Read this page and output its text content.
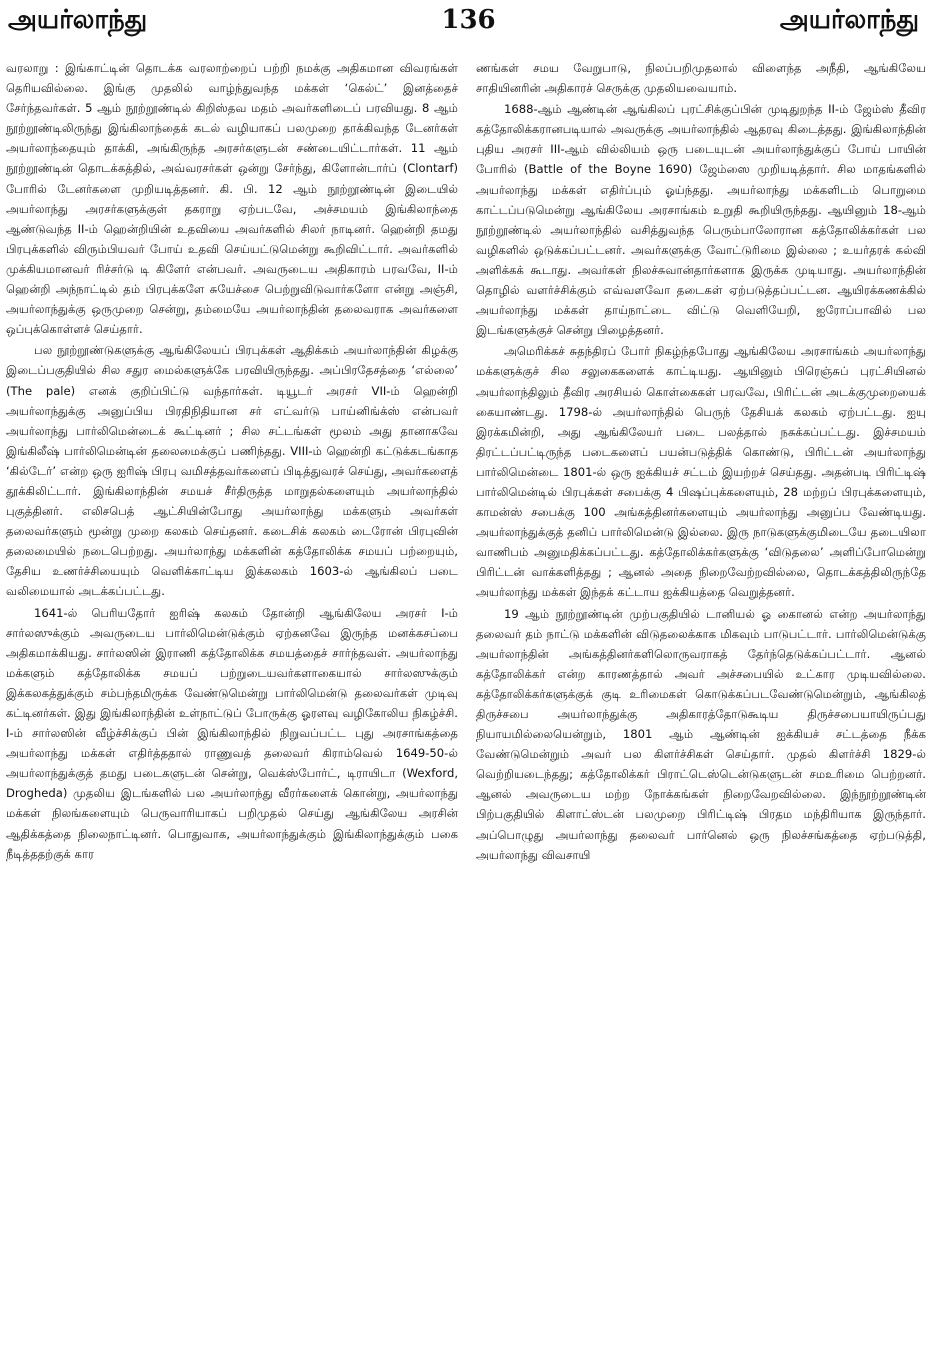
அயர்லாந்து	136	அயர்லாந்து

வரலாறு : இங்காட்டின் தொடக்க வரலாற்றைப் பற்றி நமக்கு அதிகமான விவரங்கள் தெரியவில்லை. இங்கு முதலில் வாழ்ந்துவந்த மக்கள் ‘கெல்ட்’ இனத்தைச் சேர்ந்தவர்கள். 5 ஆம் நூற்றூண்டில் கிறிஸ்தவ மதம் அவர்களிடைப் பரவியது. 8 ஆம் நூற்றூண்டிலிருந்து இங்கிலாந்தைக் கடல் வழியாகப் பலமுறை தாக்கிவந்த டேனர்கள் அயர்லாந்தையும் தாக்கி, அங்கிருந்த அரசர்களுடன் சண்டையிட்டார்கள். 11 ஆம் நூற்றூண்டின் தொடக்கத்தில், அவ்வரசர்கள் ஒன்று சேர்ந்து, கிளோன்டார்ப் (Clontarf) போரில் டேனர்களை முறியடித்தனர். கி. பி. 12 ஆம் நூற்றூண்டின் இடையில் அயர்லாந்து அரசர்களுக்குள் தகராறு ஏற்படவே, அச்சமயம் இங்கிலாந்தை ஆண்டுவந்த II-ம் ஹென்றியின் உதவியை அவர்களில் சிலர் நாடினர். ஹென்றி தமது பிரபுக்களில் விரும்பியவர் போய் உதவி செய்யட்டுமென்று கூறிவிட்டார். அவர்களில் முக்கியமானவர் ரிச்சர்டு டி கிளேர் என்பவர். அவருடைய அதிகாரம் பரவவே, II-ம் ஹென்றி அந்நாட்டில் தம் பிரபுக்களே சுயேச்சை பெற்றுவிடுவார்களோ என்று அஞ்சி, அயர்லாந்துக்கு ஒருமுறை சென்று, தம்மையே அயர்லாந்தின் தலைவராக அவர்களை ஒப்புக்கொள்ளச் செய்தார்.

பல நூற்றூண்டுகளுக்கு ஆங்கிலேயப் பிரபுக்கள் ஆதிக்கம் அயர்லாந்தின் கிழக்கு இடைப்பகுதியில் சில சதுர மைல்களுக்கே பரவியிருந்தது. அப்பிரதேசத்தை ‘எல்லை’ (The pale) எனக் குறிப்பிட்டு வந்தார்கள். டியூடர் அரசர் VII-ம் ஹென்றி அயர்லாந்துக்கு அனுப்பிய பிரதிநிதியான சர் எட்வர்டு பாய்னிங்க்ஸ் என்பவர் அயர்லாந்து பார்லிமென்டைக் கூட்டினர் ; சில சட்டங்கள் மூலம் அது தானாகவே இங்கிலீஷ் பார்லிமென்டின் தலைமைக்குப் பணிந்தது. VIII-ம் ஹென்றி கட்டுக்கடங்காத ‘கில்டேர்’ என்ற ஒரு ஐரிஷ் பிரபு வமிசத்தவர்களைப் பிடித்துவரச் செய்து, அவர்களைத் தூக்கிலிட்டார். இங்கிலாந்தின் சமயச் சீர்திருத்த மாறுதல்களையும் அயர்லாந்தில் புகுத்தினர். எலிசபெத் ஆட்சியின்போது அயர்லாந்து மக்களும் அவர்கள் தலைவர்களும் மூன்று முறை கலகம் செய்தனர். கடைசிக் கலகம் டைரோன் பிரபுவின் தலைமையில் நடைபெற்றது. அயர்லாந்து மக்களின் கத்தோலிக்க சமயப் பற்றையும், தேசிய உணர்ச்சியையும் வெளிக்காட்டிய இக்கலகம் 1603-ல் ஆங்கிலப் படை வலிமையால் அடக்கப்பட்டது.

1641-ல் பெரியதோர் ஐரிஷ் கலகம் தோன்றி ஆங்கிலேய அரசர் I-ம் சார்லஸுக்கும் அவருடைய பார்லிமென்டுக்கும் ஏற்கனவே இருந்த மனக்கசப்பை அதிகமாக்கியது. சார்லஸின் இராணி கத்தோலிக்க சமயத்தைச் சார்ந்தவள். அயர்லாந்து மக்களும் கத்தோலிக்க சமயப் பற்றுடையவர்களாகையால் சார்லஸுக்கும் இக்கலகத்துக்கும் சம்பந்தமிருக்க வேண்டுமென்று பார்லிமென்டு தலைவர்கள் முடிவு கட்டினர்கள். இது இங்கிலாந்தின் உள்நாட்டுப் போருக்கு ஓரளவு வழிகோலிய நிகழ்ச்சி. I-ம் சார்லஸின் வீழ்ச்சிக்குப் பின் இங்கிலாந்தில் நிறுவப்பட்ட புது அரசாங்கத்தை அயர்லாந்து மக்கள் எதிர்த்ததால் ராணுவத் தலைவர் கிராம்வெல் 1649-50-ல் அயர்லாந்துக்குத் தமது படைகளுடன் சென்று, வெக்ஸ்போர்ட், டிராயிடா (Wexford, Drogheda) முதலிய இடங்களில் பல அயர்லாந்து வீரர்களைக் கொன்று, அயர்லாந்து மக்கள் நிலங்களையும் பெருவாரியாகப் பறிமுதல் செய்து ஆங்கிலேய அரசின் ஆதிக்கத்தை நிலைநாட்டினர். பொதுவாக, அயர்லாந்துக்கும் இங்கிலாந்துக்கும் பகை நீடித்ததற்குக் கார

ணங்கள் சமய வேறுபாடு, நிலப்பறிமுதலால் விளைந்த அநீதி, ஆங்கிலேய சாதியினரின் அதிகாரச் செருக்கு முதலியவையாம்.

1688-ஆம் ஆண்டின் ஆங்கிலப் புரட்சிக்குப்பின் முடிதுறந்த II-ம் ஜேம்ஸ் தீவிர கத்தோலிக்கரானபடியால் அவருக்கு அயர்லாந்தில் ஆதரவு கிடைத்தது. இங்கிலாந்தின் புதிய அரசர் III-ஆம் வில்லியம் ஒரு படையுடன் அயர்லாந்துக்குப் போய் பாயின் போரில் (Battle of the Boyne 1690) ஜேம்ஸை முறியடித்தார். சில மாதங்களில் அயர்லாந்து மக்கள் எதிர்ப்பும் ஓய்ந்தது. அயர்லாந்து மக்களிடம் பொறுமை காட்டப்படுமென்று ஆங்கிலேய அரசாங்கம் உறுதி கூறியிருந்தது. ஆயினும் 18-ஆம் நூற்றூண்டில் அயர்லாந்தில் வசித்துவந்த பெரும்பாலோரான கத்தோலிக்கர்கள் பல வழிகளில் ஒடுக்கப்பட்டனர். அவர்களுக்கு வோட்டுரிமை இல்லை ; உயர்தரக் கல்வி அளிக்கக் கூடாது. அவர்கள் நிலச்சுவான்தார்களாக இருக்க முடியாது. அயர்லாந்தின் தொழில் வளர்ச்சிக்கும் எவ்வளவோ தடைகள் ஏற்படுத்தப்பட்டன. ஆயிரக்கணக்கில் அயர்லாந்து மக்கள் தாய்நாட்டை விட்டு வெளியேறி, ஐரோப்பாவில் பல இடங்களுக்குச் சென்று பிழைத்தனர்.

அமெரிக்கச் சுதந்திரப் போர் நிகழ்ந்தபோது ஆங்கிலேய அரசாங்கம் அயர்லாந்து மக்களுக்குச் சில சலுகைகளைக் காட்டியது. ஆயினும் பிரெஞ்சுப் புரட்சியினல் அயர்லாந்திலும் தீவிர அரசியல் கொள்கைகள் பரவவே, பிரிட்டன் அடக்குமுறையைக் கையாண்டது. 1798-ல் அயர்லாந்தில் பெருந் தேசியக் கலகம் ஏற்பட்டது. ஐயு இரக்கமின்றி, அது ஆங்கிலேயர் படை பலத்தால் நசுக்கப்பட்டது. இச்சமயம் திரட்டப்பட்டிருந்த படைகளைப் பயன்படுத்திக் கொண்டு, பிரிட்டன் அயர்லாந்து பார்லிமென்டை 1801-ல் ஒரு ஐக்கியச் சட்டம் இயற்றச் செய்தது. அதன்படி பிரிட்டிஷ் பார்லிமென்டில் பிரபுக்கள் சபைக்கு 4 பிஷப்புக்களையும், 28 மற்றப் பிரபுக்களையும், காமன்ஸ் சபைக்கு 100 அங்கத்தினர்களையும் அயர்லாந்து அனுப்ப வேண்டியது. அயர்லாந்துக்குத் தனிப் பார்லிமென்டு இல்லை. இரு நாடுகளுக்குமிடையே தடையிலா வாணிபம் அனுமதிக்கப்பட்டது. கத்தோலிக்கர்களுக்கு ‘விடுதலை’ அளிப்போமென்று பிரிட்டன் வாக்களித்தது ; ஆனல் அதை நிறைவேற்றவில்லை, தொடக்கத்திலிருந்தே அயர்லாந்து மக்கள் இந்தக் கட்டாய ஐக்கியத்தை வெறுத்தனர்.

19 ஆம் நூற்றூண்டின் முற்பகுதியில் டானியல் ஓ காைனல் என்ற அயர்லாந்து தலைவர் தம் நாட்டு மக்களின் விடுதலைக்காக மிகவும் பாடுபட்டார். பார்லிமென்டுக்கு அயர்லாந்தின் அங்கத்தினர்களிலொருவராகத் தேர்ந்தெடுக்கப்பட்டார். ஆனல் கத்தோலிக்கர் என்ற காரணத்தால் அவர் அச்சபையில் உட்கார முடியவில்லை. கத்தோலிக்கர்களுக்குக் குடி உரிமைகள் கொடுக்கப்படவேண்டுமென்றும், ஆங்கிலத் திருச்சபை அயர்லாந்துக்கு அதிகாரத்தோடுகூடிய திருச்சபையாயிருப்பது நியாயமில்லையென்றும், 1801 ஆம் ஆண்டின் ஐக்கியச் சட்டத்தை நீக்க வேண்டுமென்றும் அவர் பல கிளர்ச்சிகள் செய்தார். முதல் கிளர்ச்சி 1829-ல் வெற்றியடைந்தது; கத்தோலிக்கர் பிராட்டெஸ்டென்டுகளுடன் சமஉரிமை பெற்றனர். ஆனல் அவருடைய மற்ற நோக்கங்கள் நிறைவேறவில்லை. இந்நூற்றூண்டின் பிற்பகுதியில் கிளாட்ஸ்டன் பலமுறை பிரிட்டிஷ் பிரதம மந்திரியாக இருந்தார். அப்பொழுது அயர்லாந்து தலைவர் பார்னெல் ஒரு நிலச்சங்கத்தை ஏற்படுத்தி, அயர்லாந்து விவசாயி
